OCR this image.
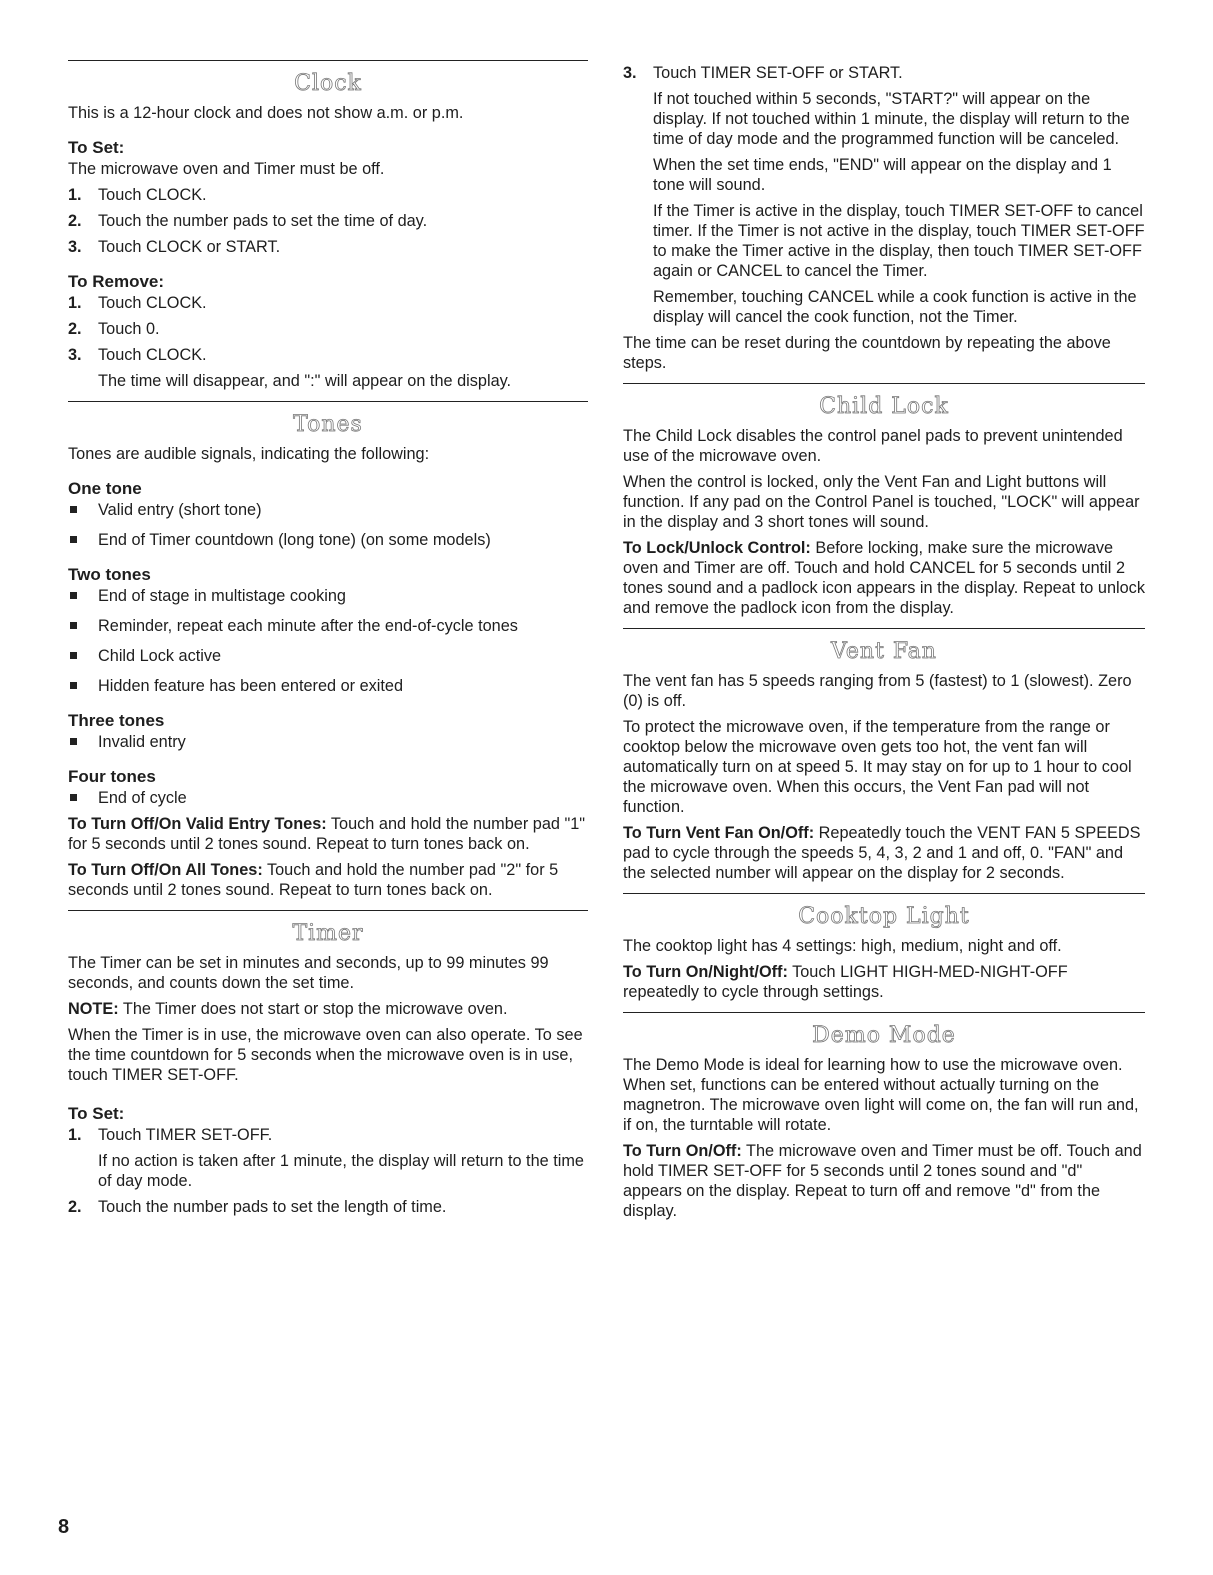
Clock

This is a 12-hour clock and does not show a.m. or p.m.

To Set:

The microwave oven and Timer must be off.

1. Touch CLOCK.
2. Touch the number pads to set the time of day.
3. Touch CLOCK or START.
To Remove:
1. Touch CLOCK.
2. Touch 0.
3. Touch CLOCK.
The time will disappear, and ":" will appear on the display.
Tones

Tones are audible signals, indicating the following:

One tone
Valid entry (short tone)
End of Timer countdown (long tone) (on some models)
Two tones
End of stage in multistage cooking
Reminder, repeat each minute after the end-of-cycle tones
Child Lock active
Hidden feature has been entered or exited
Three tones
Invalid entry
Four tones
End of cycle

To Turn Off/On Valid Entry Tones: Touch and hold the number pad "1" for 5 seconds until 2 tones sound. Repeat to turn tones back on.

To Turn Off/On All Tones: Touch and hold the number pad "2" for 5 seconds until 2 tones sound. Repeat to turn tones back on.

Timer

The Timer can be set in minutes and seconds, up to 99 minutes 99 seconds, and counts down the set time.

NOTE: The Timer does not start or stop the microwave oven.

When the Timer is in use, the microwave oven can also operate. To see the time countdown for 5 seconds when the microwave oven is in use, touch TIMER SET-OFF.

To Set:
1. Touch TIMER SET-OFF.
If no action is taken after 1 minute, the display will return to the time of day mode.
2. Touch the number pads to set the length of time.
3. Touch TIMER SET-OFF or START.
If not touched within 5 seconds, "START?" will appear on the display. If not touched within 1 minute, the display will return to the time of day mode and the programmed function will be canceled.
When the set time ends, "END" will appear on the display and 1 tone will sound.
If the Timer is active in the display, touch TIMER SET-OFF to cancel timer. If the Timer is not active in the display, touch TIMER SET-OFF to make the Timer active in the display, then touch TIMER SET-OFF again or CANCEL to cancel the Timer.
Remember, touching CANCEL while a cook function is active in the display will cancel the cook function, not the Timer.

The time can be reset during the countdown by repeating the above steps.

Child Lock

The Child Lock disables the control panel pads to prevent unintended use of the microwave oven.

When the control is locked, only the Vent Fan and Light buttons will function. If any pad on the Control Panel is touched, "LOCK" will appear in the display and 3 short tones will sound.

To Lock/Unlock Control: Before locking, make sure the microwave oven and Timer are off. Touch and hold CANCEL for 5 seconds until 2 tones sound and a padlock icon appears in the display. Repeat to unlock and remove the padlock icon from the display.

Vent Fan

The vent fan has 5 speeds ranging from 5 (fastest) to 1 (slowest). Zero (0) is off.

To protect the microwave oven, if the temperature from the range or cooktop below the microwave oven gets too hot, the vent fan will automatically turn on at speed 5. It may stay on for up to 1 hour to cool the microwave oven. When this occurs, the Vent Fan pad will not function.

To Turn Vent Fan On/Off: Repeatedly touch the VENT FAN 5 SPEEDS pad to cycle through the speeds 5, 4, 3, 2 and 1 and off, 0. "FAN" and the selected number will appear on the display for 2 seconds.

Cooktop Light

The cooktop light has 4 settings: high, medium, night and off.

To Turn On/Night/Off: Touch LIGHT HIGH-MED-NIGHT-OFF repeatedly to cycle through settings.

Demo Mode

The Demo Mode is ideal for learning how to use the microwave oven. When set, functions can be entered without actually turning on the magnetron. The microwave oven light will come on, the fan will run and, if on, the turntable will rotate.

To Turn On/Off: The microwave oven and Timer must be off. Touch and hold TIMER SET-OFF for 5 seconds until 2 tones sound and "d" appears on the display. Repeat to turn off and remove "d" from the display.

8
